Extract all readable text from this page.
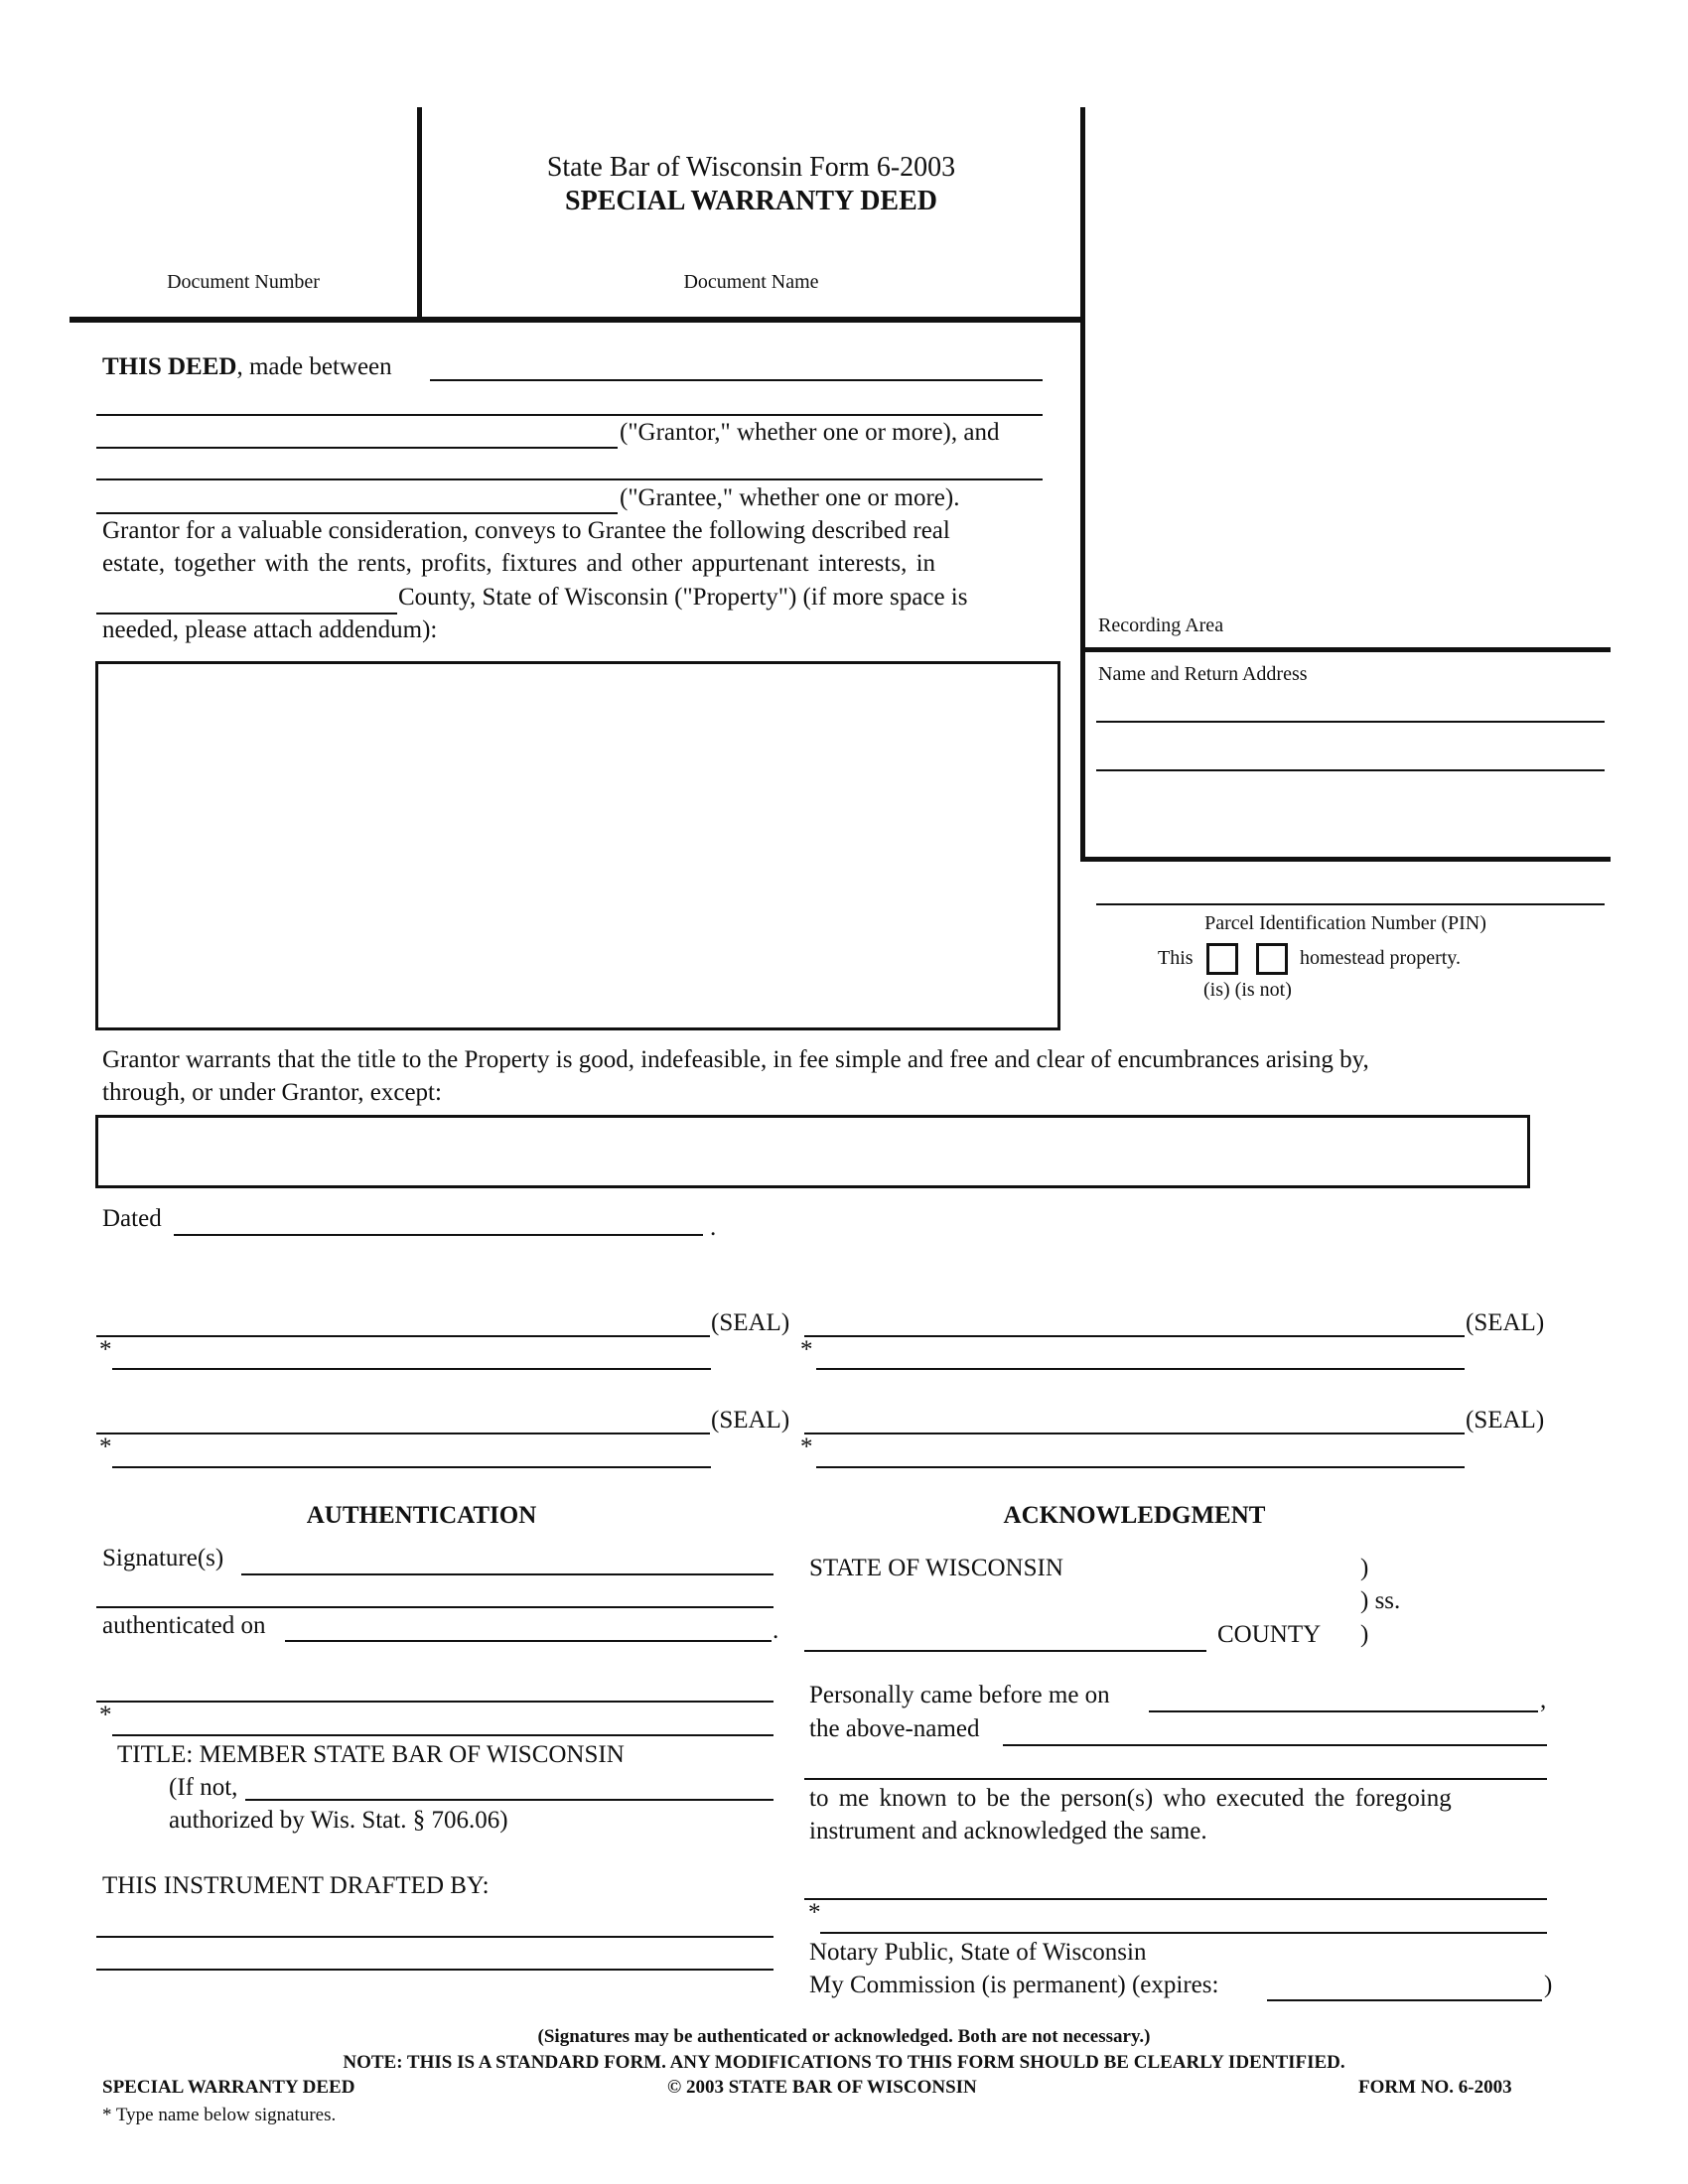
State Bar of Wisconsin Form 6-2003
SPECIAL WARRANTY DEED
Document Number	Document Name
THIS DEED, made between
("Grantor," whether one or more), and
("Grantee," whether one or more).
Grantor for a valuable consideration, conveys to Grantee the following described real
estate, together with the rents, profits, fixtures and other appurtenant interests, in
County, State of Wisconsin ("Property") (if more space is
needed, please attach addendum):	Recording Area
Name and Return Address
Parcel Identification Number (PIN)
This	homestead property.
(is) (is not)
Grantor warrants that the title to the Property is good, indefeasible, in fee simple and free and clear of encumbrances arising by,
through, or under Grantor, except:
Dated	.
(SEAL)
*
(SEAL)
*
(SEAL)
*
(SEAL)
*
AUTHENTICATION
Signature(s)
authenticated on	.
*
TITLE: MEMBER STATE BAR OF WISCONSIN
(If not,
authorized by Wis. Stat. § 706.06)
THIS INSTRUMENT DRAFTED BY:
ACKNOWLEDGMENT
STATE OF WISCONSIN	)
) ss.
COUNTY )
Personally came before me on	,
the above-named
to me known to be the person(s) who executed the foregoing
instrument and acknowledged the same.
*
Notary Public, State of Wisconsin
My Commission (is permanent) (expires:	)
(Signatures may be authenticated or acknowledged. Both are not necessary.)
NOTE: THIS IS A STANDARD FORM. ANY MODIFICATIONS TO THIS FORM SHOULD BE CLEARLY IDENTIFIED.
SPECIAL WARRANTY DEED	© 2003 STATE BAR OF WISCONSIN	FORM NO. 6-2003
* Type name below signatures.
